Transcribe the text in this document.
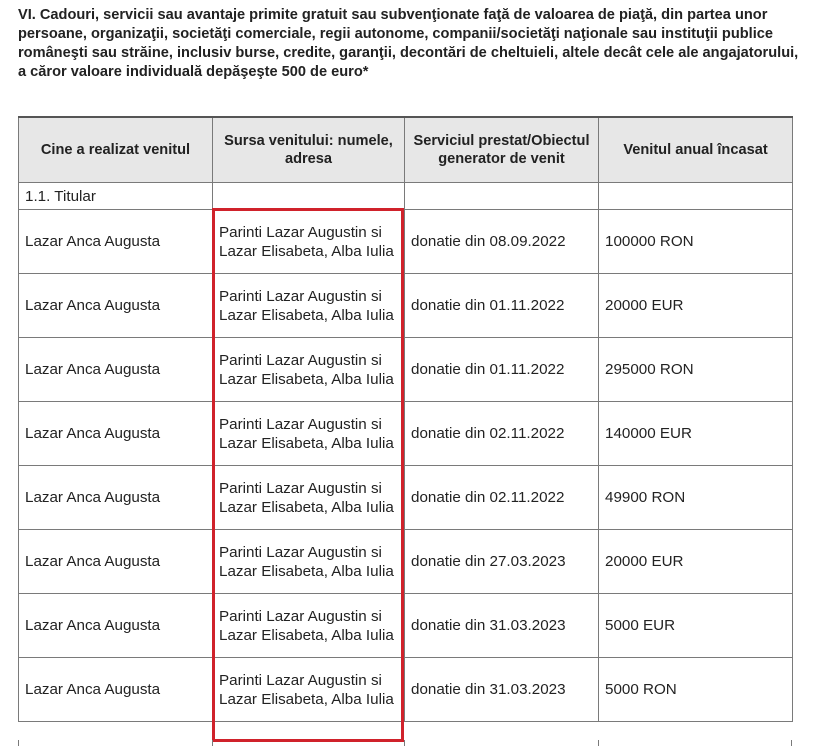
VI. Cadouri, servicii sau avantaje primite gratuit sau subvenţionate faţă de valoarea de piaţă, din partea unor persoane, organizaţii, societăţi comerciale, regii autonome, companii/societăţi naţionale sau instituţii publice româneşti sau străine, inclusiv burse, credite, garanţii, decontări de cheltuieli, altele decât cele ale angajatorului, a căror valoare individuală depăşeşte 500 de euro*
Cine a realizat venitul	Sursa venitului: numele, adresa	Serviciul prestat/Obiectul generator de venit	Venitul anual încasat
1.1. Titular			
Lazar Anca Augusta	Parinti Lazar Augustin si Lazar Elisabeta, Alba Iulia	donatie din 08.09.2022	100000 RON
Lazar Anca Augusta	Parinti Lazar Augustin si Lazar Elisabeta, Alba Iulia	donatie din 01.11.2022	20000 EUR
Lazar Anca Augusta	Parinti Lazar Augustin si Lazar Elisabeta, Alba Iulia	donatie din 01.11.2022	295000 RON
Lazar Anca Augusta	Parinti Lazar Augustin si Lazar Elisabeta, Alba Iulia	donatie din 02.11.2022	140000 EUR
Lazar Anca Augusta	Parinti Lazar Augustin si Lazar Elisabeta, Alba Iulia	donatie din 02.11.2022	49900 RON
Lazar Anca Augusta	Parinti Lazar Augustin si Lazar Elisabeta, Alba Iulia	donatie din 27.03.2023	20000 EUR
Lazar Anca Augusta	Parinti Lazar Augustin si Lazar Elisabeta, Alba Iulia	donatie din 31.03.2023	5000 EUR
Lazar Anca Augusta	Parinti Lazar Augustin si Lazar Elisabeta, Alba Iulia	donatie din 31.03.2023	5000 RON
